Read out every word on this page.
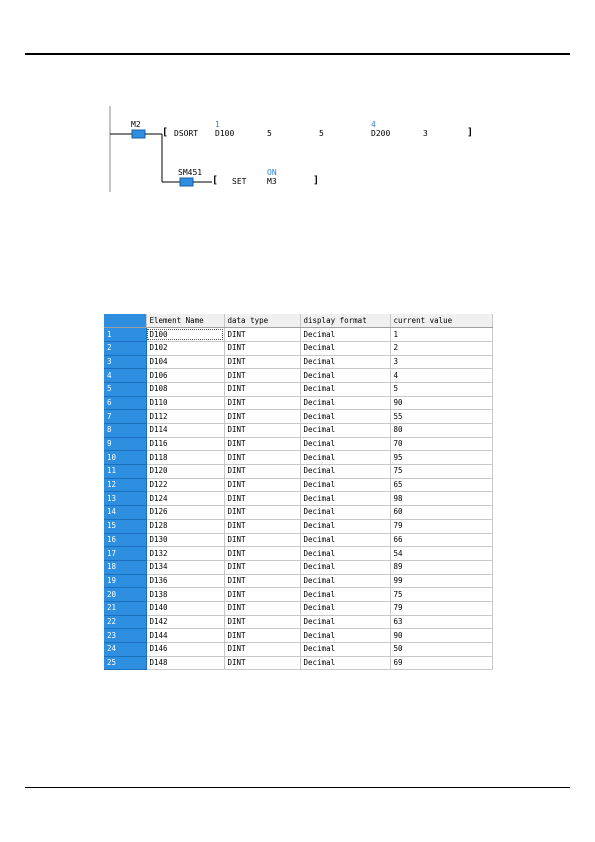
M2
[ DSORT
1
D100	5	5
4
D200	3	]
SM451
[ SET
ON
M3	]
	Element Name	data type	display format	current value
1	D100	DINT	Decimal	1
2	D102	DINT	Decimal	2
3	D104	DINT	Decimal	3
4	D106	DINT	Decimal	4
5	D108	DINT	Decimal	5
6	D110	DINT	Decimal	90
7	D112	DINT	Decimal	55
8	D114	DINT	Decimal	80
9	D116	DINT	Decimal	70
10	D118	DINT	Decimal	95
11	D120	DINT	Decimal	75
12	D122	DINT	Decimal	65
13	D124	DINT	Decimal	98
14	D126	DINT	Decimal	60
15	D128	DINT	Decimal	79
16	D130	DINT	Decimal	66
17	D132	DINT	Decimal	54
18	D134	DINT	Decimal	89
19	D136	DINT	Decimal	99
20	D138	DINT	Decimal	75
21	D140	DINT	Decimal	79
22	D142	DINT	Decimal	63
23	D144	DINT	Decimal	90
24	D146	DINT	Decimal	50
25	D148	DINT	Decimal	69
